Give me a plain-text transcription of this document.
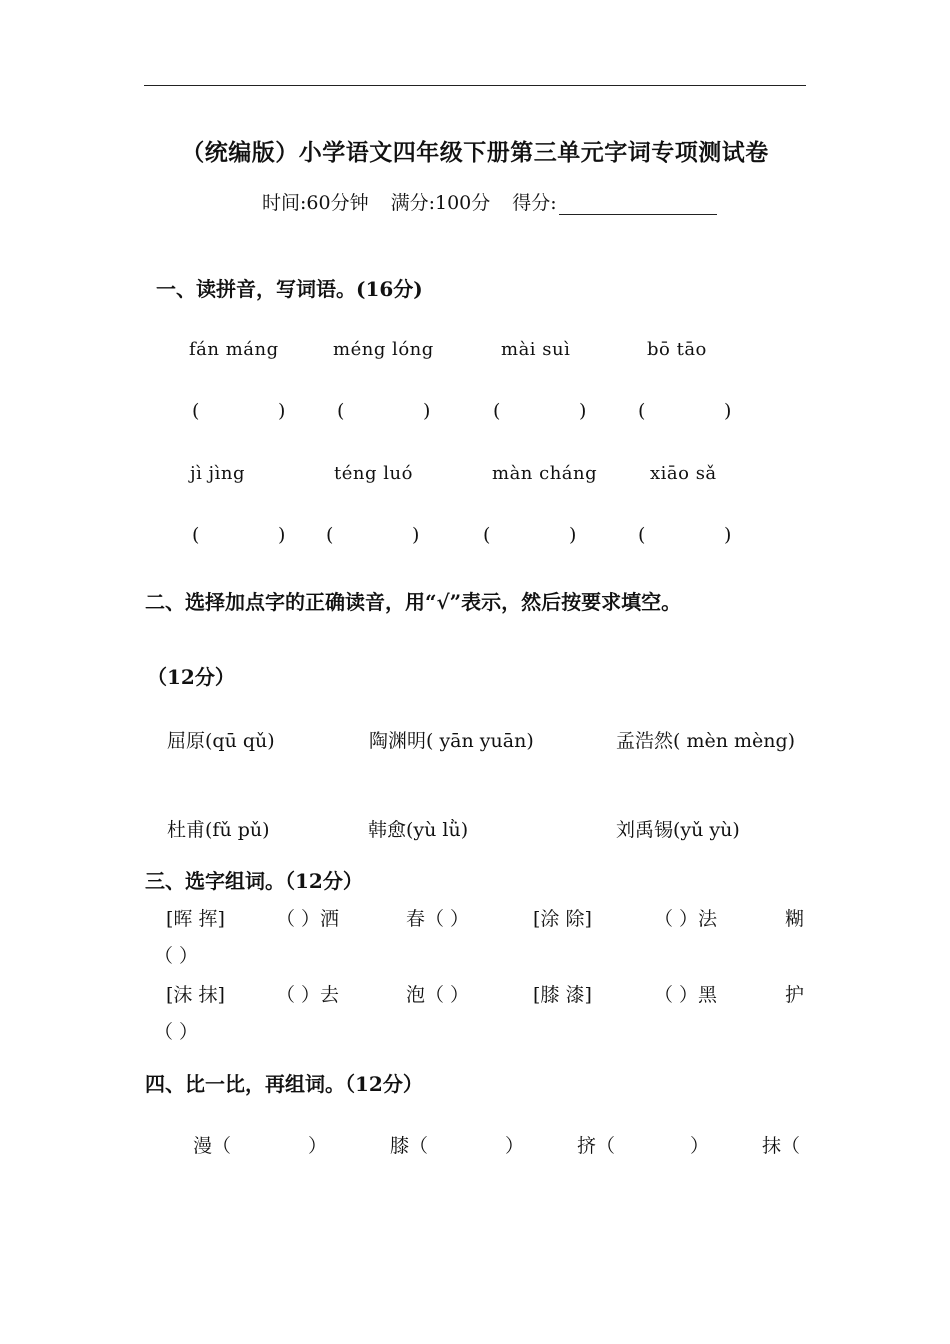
（统编版）小学语文四年级下册第三单元字词专项测试卷
时间:60分钟 满分:100分 得分:
一、读拼音，写词语。(16分)
fán máng	méng lóng	mài suì	bō tāo
(	)	(	)	(	)	(	)
jì jìng	téng luó	màn cháng	xiāo sǎ
(	) (	)	(	)	(	)
二、选择加点字的正确读音，用“√”表示，然后按要求填空。
（12分）
屈原(qū qǔ)	陶渊明( yān yuān)	孟浩然( mèn mèng)
杜甫(fǔ pǔ)	韩愈(yù lǜ)	刘禹锡(yǔ yù)
三、选字组词。（12分）
[晖 挥]	（ ）洒	春（ ）	[涂 除]	（ ）法	糊
（ ）
[沫 抹]	（ ）去	泡（ ）	[膝 漆]	（ ）黑	护
（ ）
四、比一比，再组词。（12分）
漫（	）	膝（	）	挤（	）	抹（
